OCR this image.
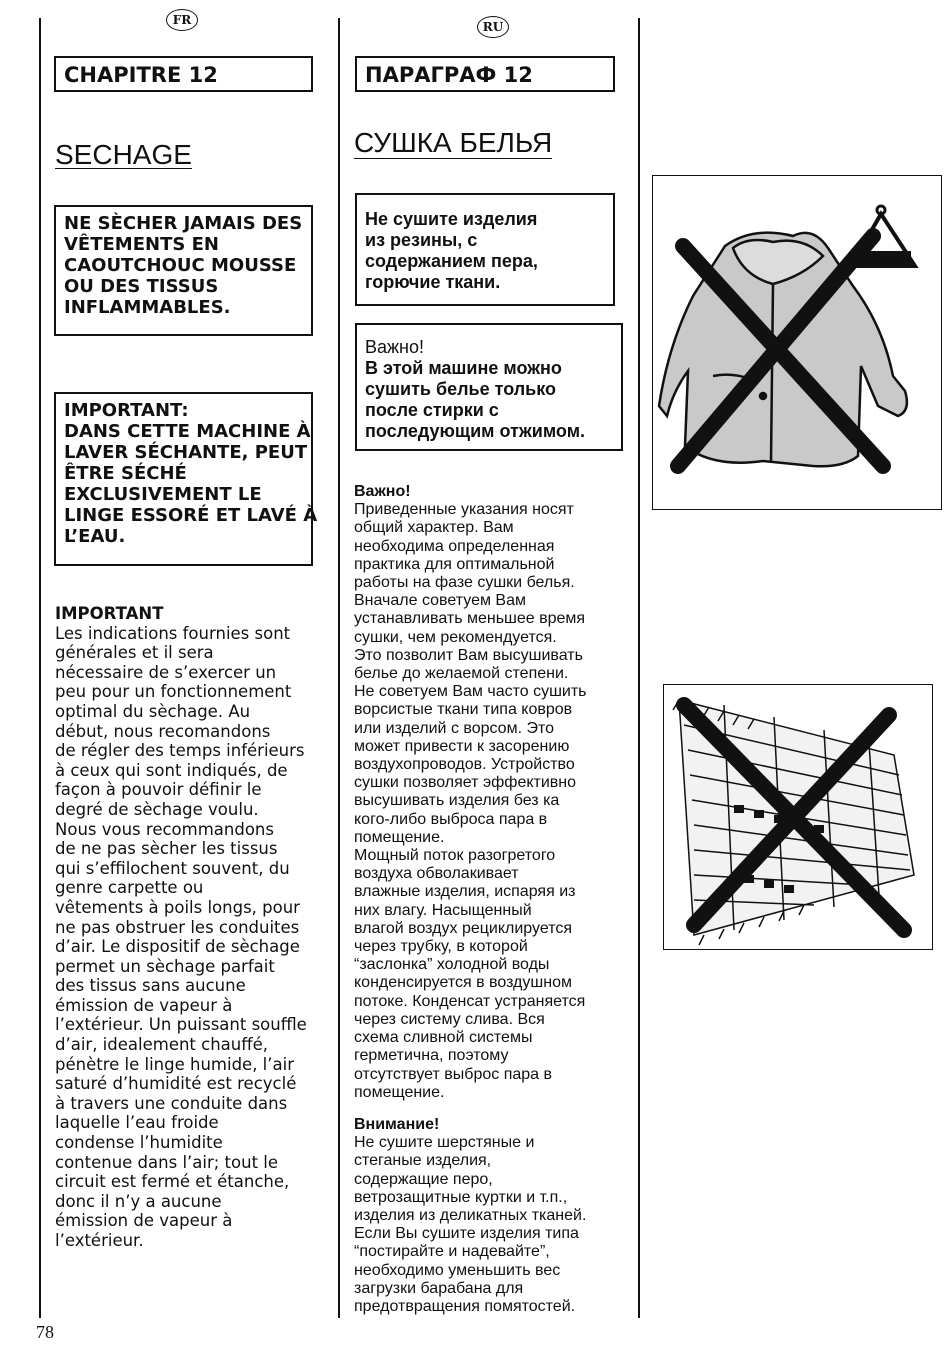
FR
CHAPITRE 12
SECHAGE
NE SÈCHER JAMAIS DES
VÊTEMENTS EN
CAOUTCHOUC MOUSSE
OU DES TISSUS
INFLAMMABLES.
IMPORTANT:
DANS CETTE MACHINE À
LAVER SÉCHANTE, PEUT
ÊTRE SÉCHÉ
EXCLUSIVEMENT LE
LINGE ESSORÉ ET LAVÉ À
L’EAU.
IMPORTANT
Les indications fournies sont
générales et il sera
nécessaire de s’exercer un
peu pour un fonctionnement
optimal du sèchage. Au
début, nous recomandons
de régler des temps inférieurs
à ceux qui sont indiqués, de
façon à pouvoir définir le
degré de sèchage voulu.
Nous vous recommandons
de ne pas sècher les tissus
qui s’effilochent souvent, du
genre carpette ou
vêtements à poils longs, pour
ne pas obstruer les conduites
d’air. Le dispositif de sèchage
permet un sèchage parfait
des tissus sans aucune
émission de vapeur à
l’extérieur. Un puissant souffle
d’air, idealement chauffé,
pénètre le linge humide, l’air
saturé d’humidité est recyclé
à travers une conduite dans
laquelle l’eau froide
condense l’humidite
contenue dans l’air; tout le
circuit est fermé et étanche,
donc il n’y a aucune
émission de vapeur à
l’extérieur.
RU
ПАРАГРАФ 12
СУШКА БЕЛЬЯ
Не сушите изделия
из резины, с
содержанием пера,
горючие ткани.
Важно!
В этой машине можно
сушить белье только
после стирки с
последующим отжимом.
Важно!
Приведенные указания носят
общий характер. Вам
необходима определенная
практика для оптимальной
работы на фазе сушки белья.
Вначале советуем Вам
устанавливать меньшее время
сушки, чем рекомендуется.
Это позволит Вам высушивать
белье до желаемой степени.
Не советуем Вам часто сушить
ворсистые ткани типа ковров
или изделий с ворсом. Это
может привести к засорению
воздухопроводов. Устройство
сушки позволяет эффективно
высушивать изделия без ка
кого-либо выброса пара в
помещение.
Мощный поток разогретого
воздуха обволакивает
влажные изделия, испаряя из
них влагу. Насыщенный
влагой воздух рециклируется
через трубку, в которой
“заслонка” холодной воды
конденсируется в воздушном
потоке. Конденсат устраняется
через систему слива. Вся
схема сливной системы
герметична, поэтому
отсутствует выброс пара в
помещение.
Внимание!
Не сушите шерстяные и
стеганые изделия,
содержащие перо,
ветрозащитные куртки и т.п.,
изделия из деликатных тканей.
Если Вы сушите изделия типа
“постирайте и надевайте”,
необходимо уменьшить вес
загрузки барабана для
предотвращения помятостей.
78
